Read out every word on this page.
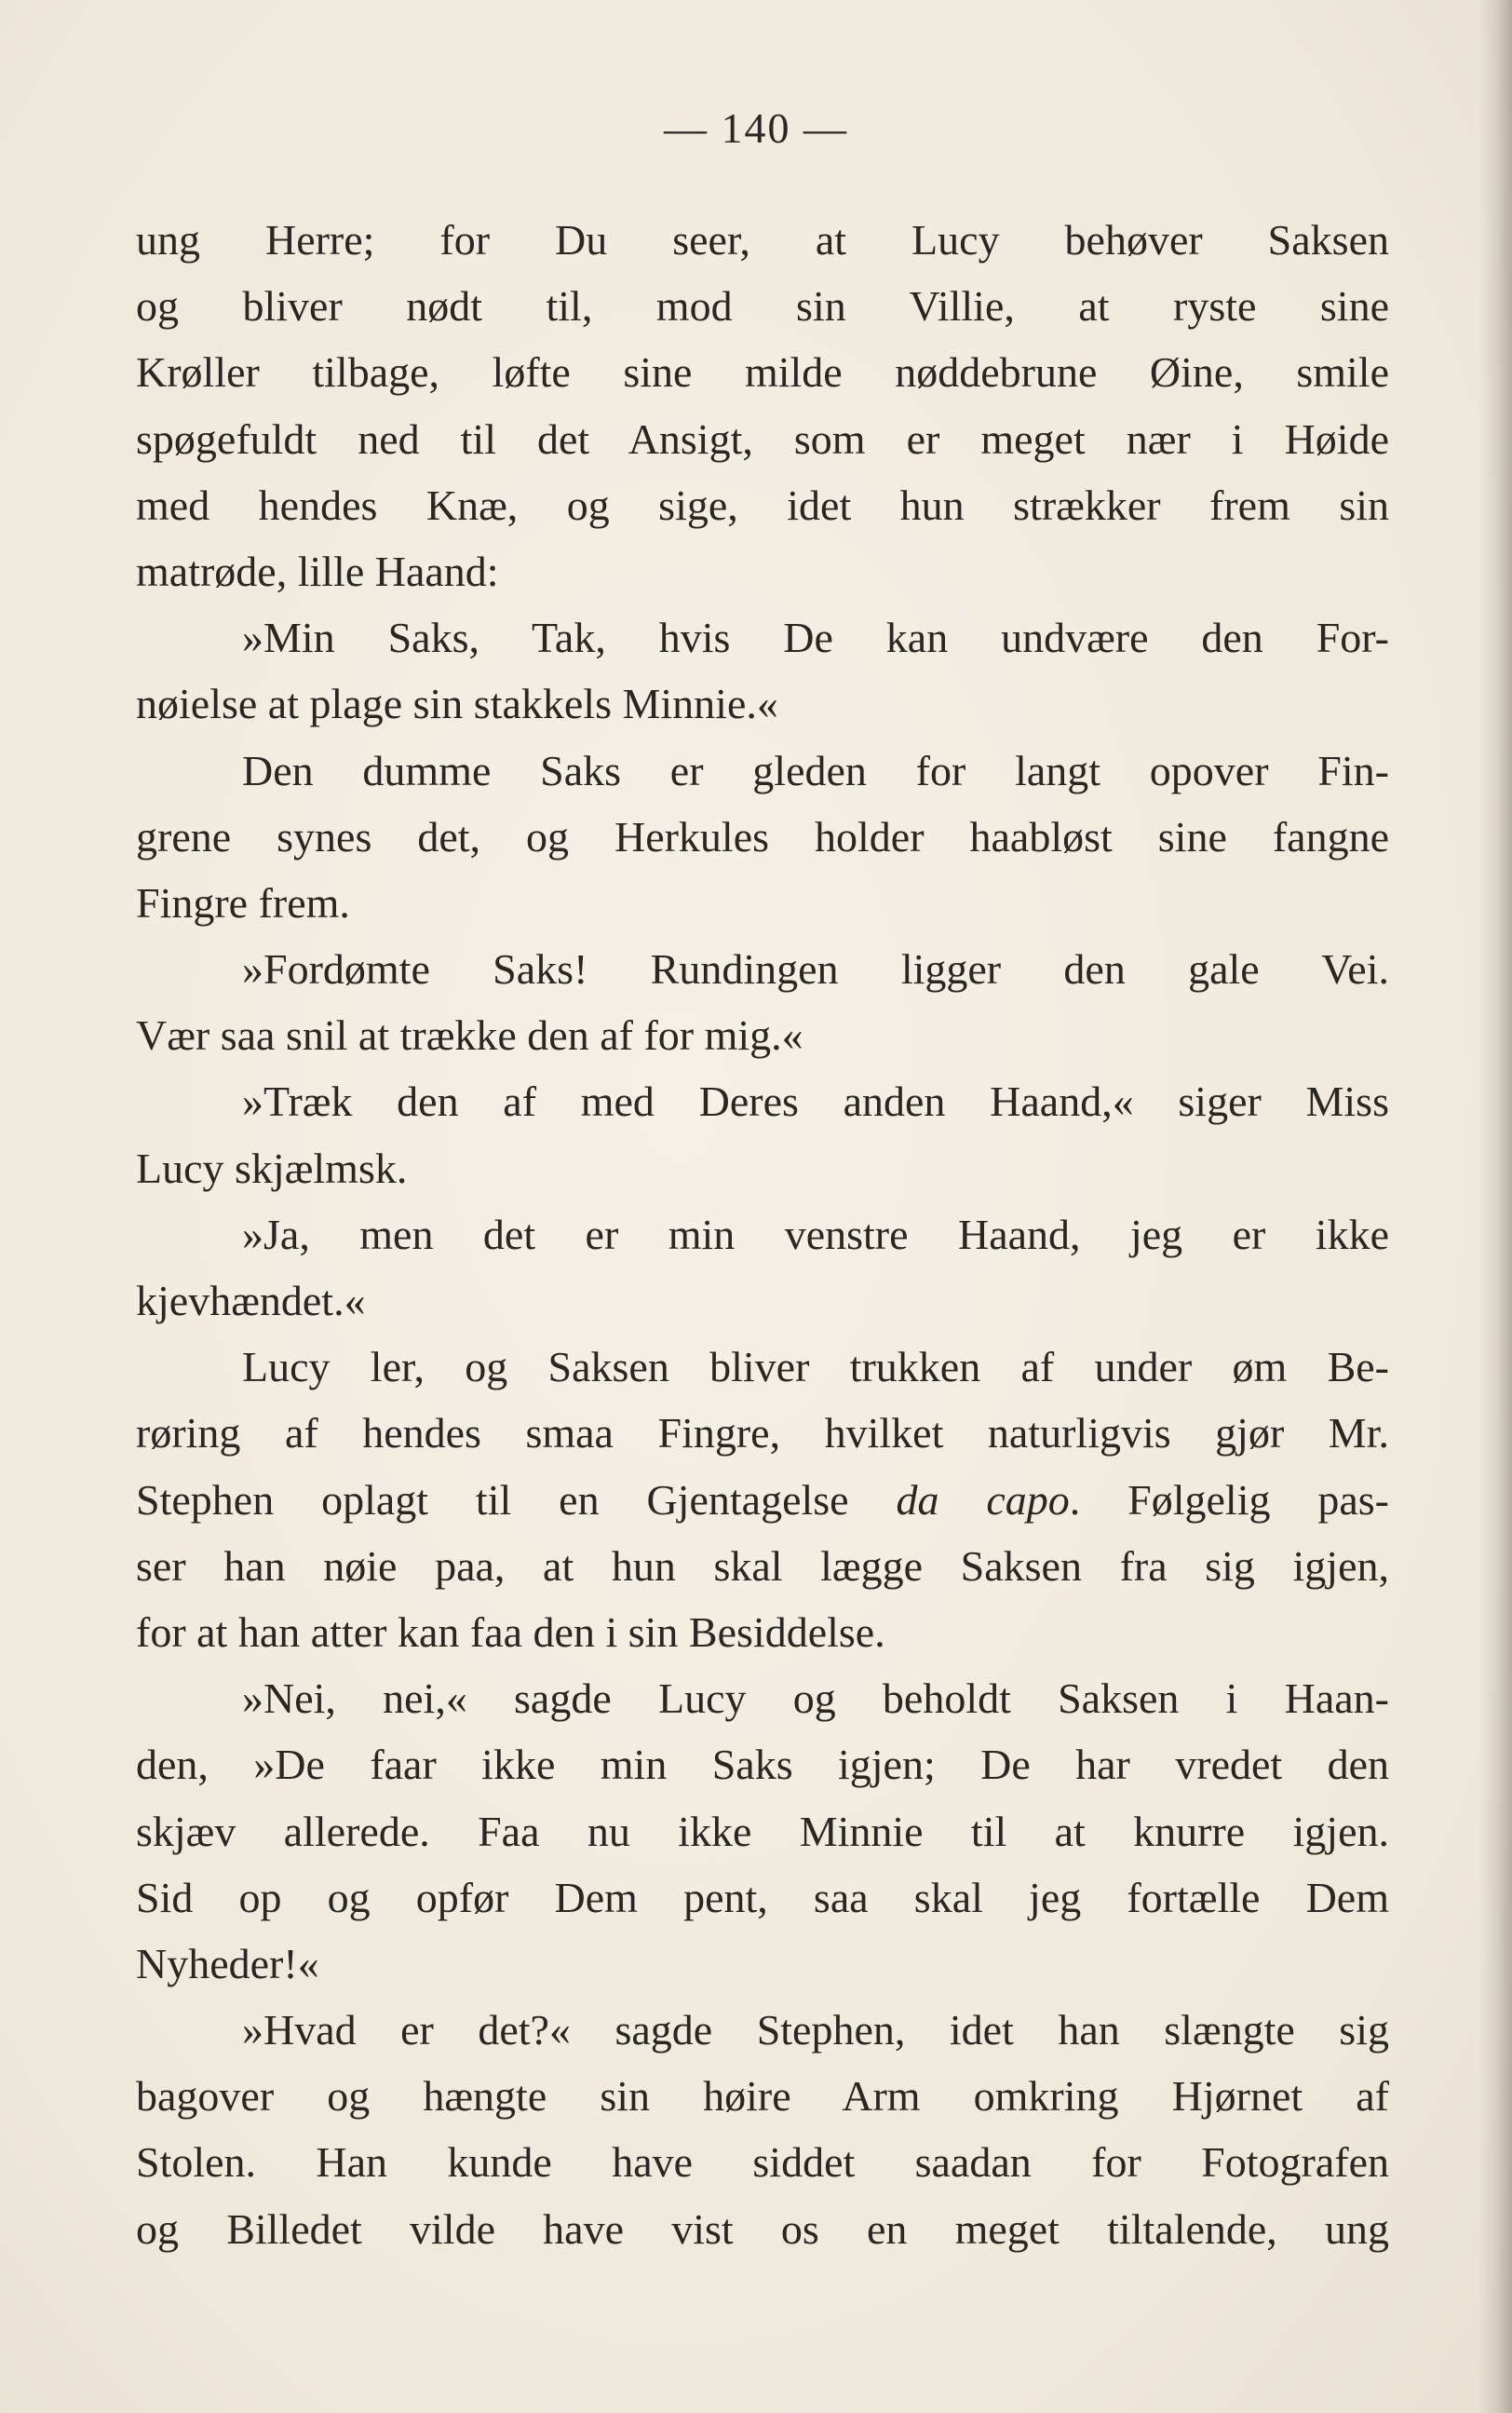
— 140 —
ung Herre; for Du seer, at Lucy behøver Saksen
og bliver nødt til, mod sin Villie, at ryste sine
Krøller tilbage, løfte sine milde nøddebrune Øine, smile
spøgefuldt ned til det Ansigt, som er meget nær i Høide
med hendes Knæ, og sige, idet hun strækker frem sin
matrøde, lille Haand:
»Min Saks, Tak, hvis De kan undvære den For-
nøielse at plage sin stakkels Minnie.«
Den dumme Saks er gleden for langt opover Fin-
grene synes det, og Herkules holder haabløst sine fangne
Fingre frem.
»Fordømte Saks! Rundingen ligger den gale Vei.
Vær saa snil at trække den af for mig.«
»Træk den af med Deres anden Haand,« siger Miss
Lucy skjælmsk.
»Ja, men det er min venstre Haand, jeg er ikke
kjevhændet.«
Lucy ler, og Saksen bliver trukken af under øm Be-
røring af hendes smaa Fingre, hvilket naturligvis gjør Mr.
Stephen oplagt til en Gjentagelse da capo. Følgelig pas-
ser han nøie paa, at hun skal lægge Saksen fra sig igjen,
for at han atter kan faa den i sin Besiddelse.
»Nei, nei,« sagde Lucy og beholdt Saksen i Haan-
den, »De faar ikke min Saks igjen; De har vredet den
skjæv allerede. Faa nu ikke Minnie til at knurre igjen.
Sid op og opfør Dem pent, saa skal jeg fortælle Dem
Nyheder!«
»Hvad er det?« sagde Stephen, idet han slængte sig
bagover og hængte sin høire Arm omkring Hjørnet af
Stolen. Han kunde have siddet saadan for Fotografen
og Billedet vilde have vist os en meget tiltalende, ung
